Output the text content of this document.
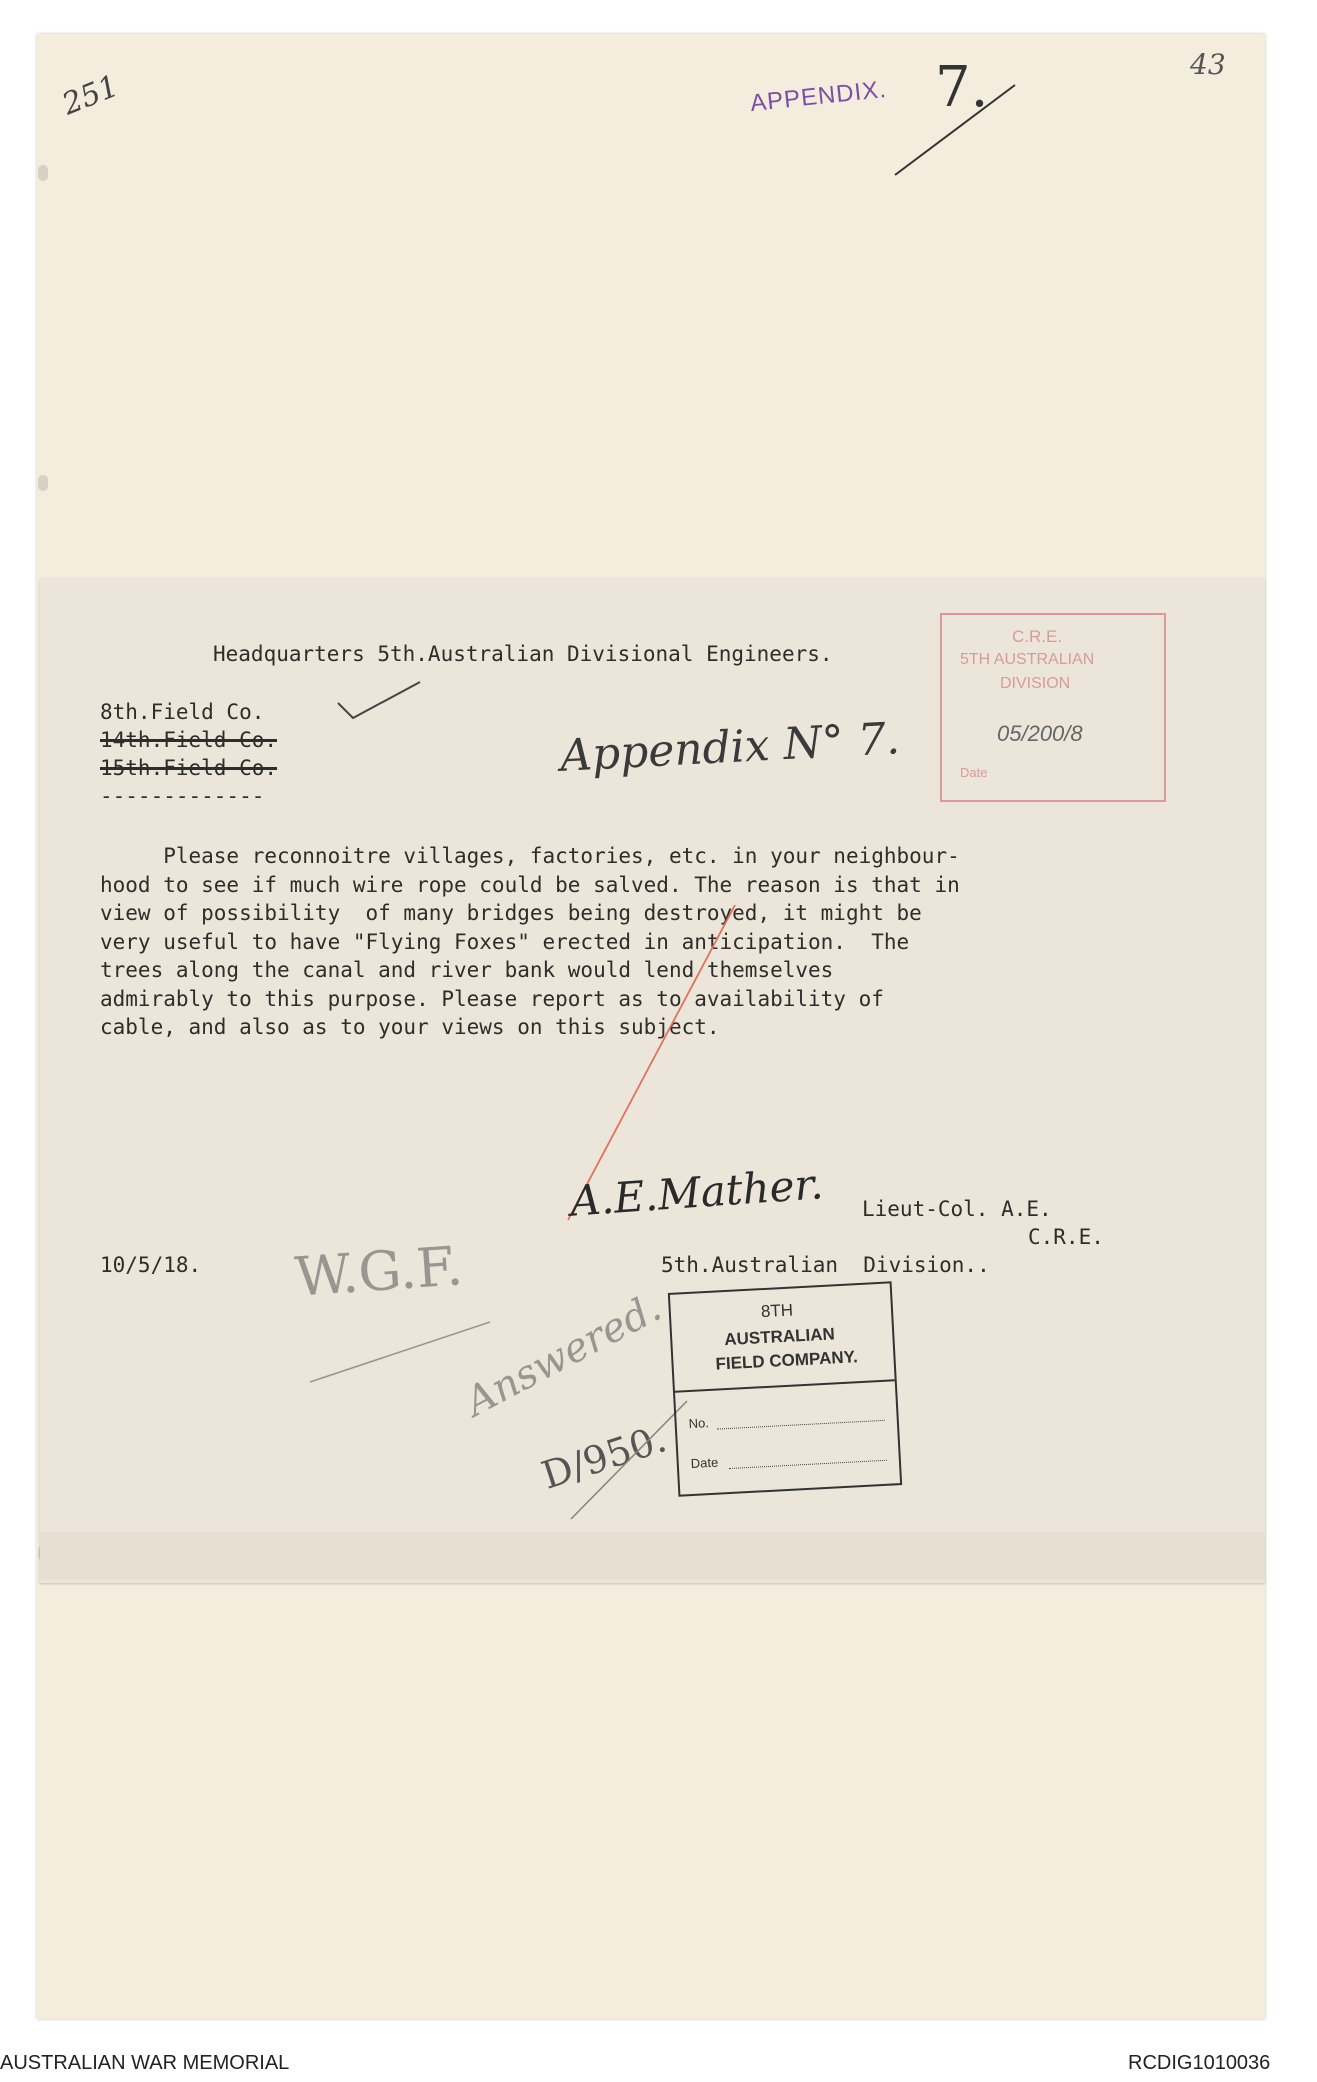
251
43
APPENDIX. 7.
Headquarters 5th.Australian Divisional Engineers.
8th.Field Co.
14th.Field Co.
15th.Field Co.
-------------
Appendix N° 7.
C.R.E.
5TH AUSTRALIAN
DIVISION
05/200/8
Date
Please reconnoitre villages, factories, etc. in your neighbour-
hood to see if much wire rope could be salved. The reason is that in
view of possibility  of many bridges being destroyed, it might be
very useful to have "Flying Foxes" erected in anticipation.  The
trees along the canal and river bank would lend themselves
admirably to this purpose. Please report as to availability of
cable, and also as to your views on this subject.
A.E.Mather. Lieut-Col. A.E.
C.R.E.
5th.Australian  Division..
10/5/18. W.G.F.
Answered.
D/950.
8TH
AUSTRALIAN
FIELD COMPANY.
No.
Date
AUSTRALIAN WAR MEMORIAL	RCDIG1010036
